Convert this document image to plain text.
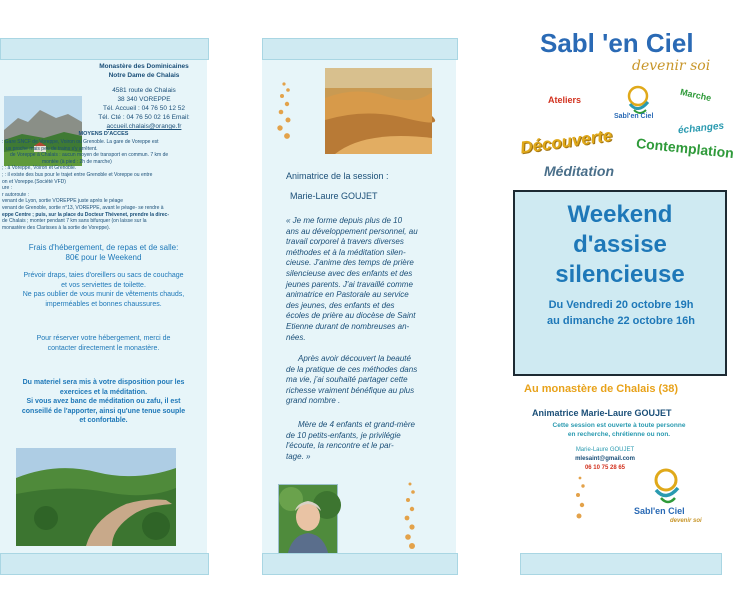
Monastère des Dominicaines
Notre Dame de Chalais
4581 route de Chalais
38 340 VOREPPE
Tél. Accueil : 04 76 50 12 52
Tél. Cté : 04 76 50 02 16 Email:
accueil.chalais@orange.fr
MOYENS D'ACCES
: Gare SNCF de Voreppe, Voiron ou Grenoble. La gare de Voreppe est
us proche mais peu de trains s'y arrêtent.
de Voreppe à Chalais : aucun moyen de transport en commun. 7 km de
montée (à pied : 2h de marche)
; : à Voreppe, Voiron et Grenoble.
; : il existe des bus pour le trajet entre Grenoble et Voreppe ou entre
on et Voreppe.(Société VFD)
ure :
r autoroute :
venant de Lyon, sortie VOREPPE juste après le péage
venant de Grenoble, sortie n°13, VOREPPE, avant le péage- se rendre à
eppe Centre ; puis, sur la place du Docteur Thévenet, prendre la direc-
de Chalais ; monter pendant 7 km sans bifurquer (on laisse sur la
monastère des Clarisses à la sortie de Voreppe).
Frais d'hébergement, de repas et de salle:
80€ pour le Weekend
Prévoir draps, taies d'oreillers ou sacs de couchage
et vos serviettes de toilette.
Ne pas oublier de vous munir de vêtements chauds,
imperméables et bonnes chaussures.
Pour réserver votre hébergement, merci de
contacter directement le monastère.
Du materiel sera mis à votre disposition pour les
exercices et la méditation.
Si vous avez banc de méditation ou zafu, il est
conseillé de l'apporter, ainsi qu'une tenue souple
et confortable.
Animatrice de la session :
Marie-Laure GOUJET
« Je me forme depuis plus de 10
ans au développement personnel, au
travail corporel à travers diverses
méthodes et à la méditation silen-
cieuse. J'anime des temps de prière
silencieuse avec des enfants et des
jeunes parents. J'ai travaillé comme
animatrice en Pastorale au service
des jeunes, des enfants et des
écoles de prière au diocèse de Saint
Etienne durant de nombreuses an-
nées.
Après avoir découvert la beauté
de la pratique de ces méthodes dans
ma vie, j'ai souhaité partager cette
richesse vraiment bénéfique au plus
grand nombre .
Mère de 4 enfants et grand-mère
de 10 petits-enfants, je privilégie
l'écoute, la rencontre et le par-
tage. »
Sabl 'en Ciel
devenir soi
Ateliers	Marche
Sabl'en Ciel
Découverte	échanges
Contemplation
Méditation
Weekend
d'assise
silencieuse
Du Vendredi 20 octobre 19h
au dimanche 22 octobre 16h
Au monastère de Chalais (38)
Animatrice Marie-Laure GOUJET
Cette session est ouverte à toute personne
en recherche, chrétienne ou non.
Marie-Laure GOUJET
mlesaint@gmail.com
06 10 75 28 65
Sabl'en Ciel
devenir soi
